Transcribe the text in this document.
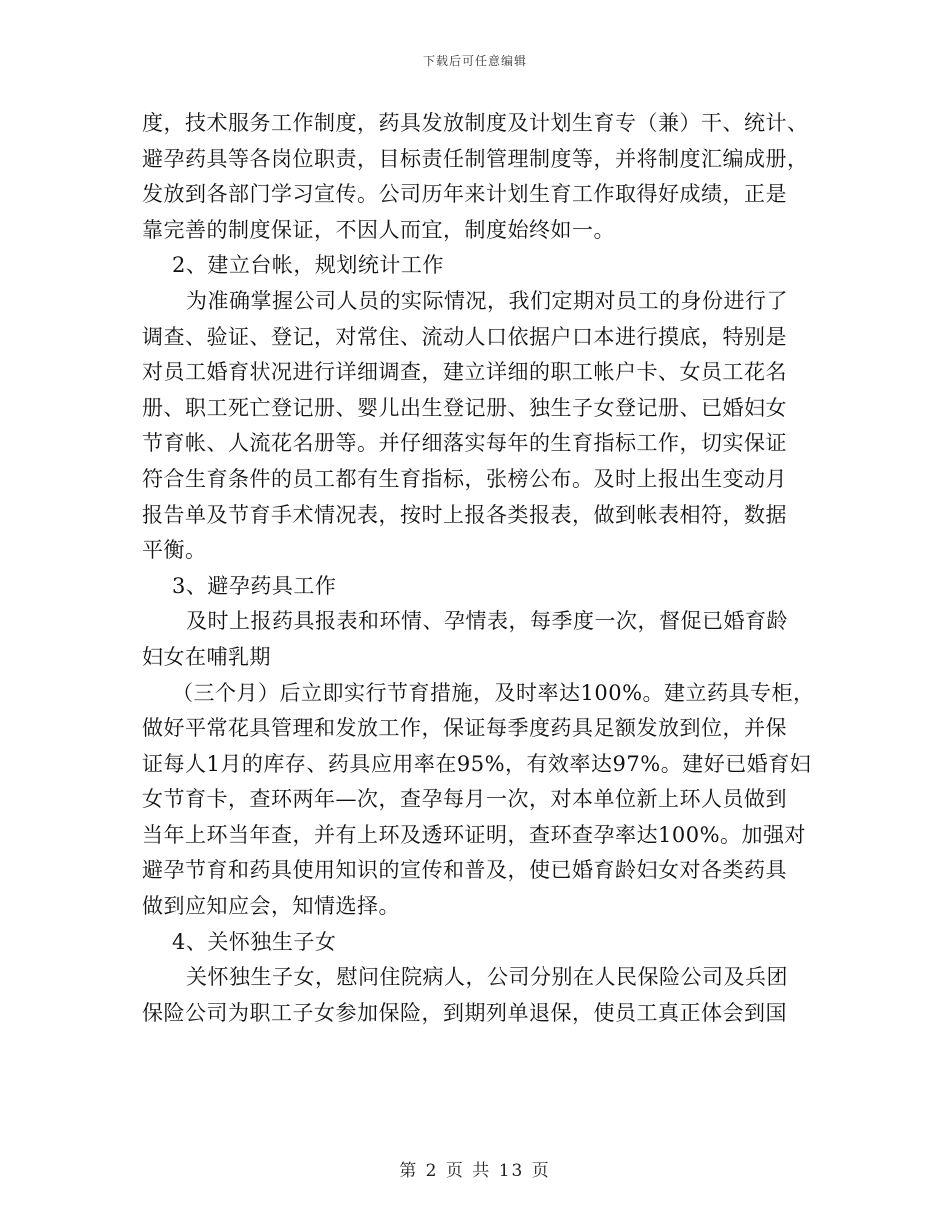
下载后可任意编辑
度，技术服务工作制度，药具发放制度及计划生育专（兼）干、统计、
避孕药具等各岗位职责，目标责任制管理制度等，并将制度汇编成册，
发放到各部门学习宣传。公司历年来计划生育工作取得好成绩，正是
靠完善的制度保证，不因人而宜，制度始终如一。
2、建立台帐，规划统计工作
为准确掌握公司人员的实际情况，我们定期对员工的身份进行了
调查、验证、登记，对常住、流动人口依据户口本进行摸底，特别是
对员工婚育状况进行详细调查，建立详细的职工帐户卡、女员工花名
册、职工死亡登记册、婴儿出生登记册、独生子女登记册、已婚妇女
节育帐、人流花名册等。并仔细落实每年的生育指标工作，切实保证
符合生育条件的员工都有生育指标，张榜公布。及时上报出生变动月
报告单及节育手术情况表，按时上报各类报表，做到帐表相符，数据
平衡。
3、避孕药具工作
及时上报药具报表和环情、孕情表，每季度一次，督促已婚育龄
妇女在哺乳期
（三个月）后立即实行节育措施，及时率达100%。建立药具专柜，
做好平常花具管理和发放工作，保证每季度药具足额发放到位，并保
证每人1月的库存、药具应用率在95%，有效率达97%。建好已婚育妇
女节育卡，查环两年—次，查孕每月一次，对本单位新上环人员做到
当年上环当年查，并有上环及透环证明，查环查孕率达100%。加强对
避孕节育和药具使用知识的宣传和普及，使已婚育龄妇女对各类药具
做到应知应会，知情选择。
4、关怀独生子女
关怀独生子女，慰问住院病人，公司分别在人民保险公司及兵团
保险公司为职工子女参加保险，到期列单退保，使员工真正体会到国
第 2 页 共 13 页
